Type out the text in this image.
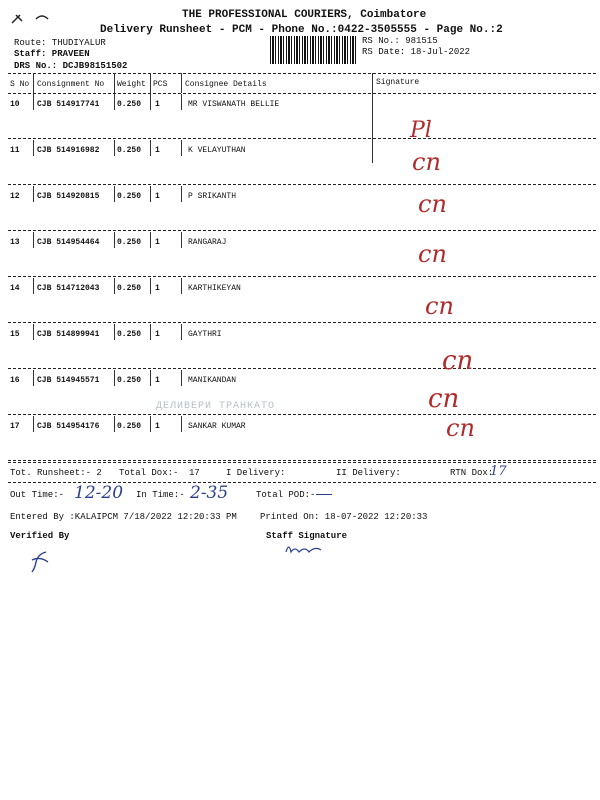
THE PROFESSIONAL COURIERS, Coimbatore
Delivery Runsheet - PCM - Phone No.:0422-3505555 - Page No.:2
Route: THUDIYALUR
Staff: PRAVEEN
DRS No.: DCJB98151502
RS No.: 981515
RS Date: 18-Jul-2022
S No Consignment No Weight PCS Consignee Details	Signature
10 CJB 514917741 0.250 1	MR VISWANATH BELLIE
11 CJB 514916982 0.250 1	K VELAYUTHAN
12 CJB 514920815 0.250 1	P SRIKANTH
13 CJB 514954464 0.250 1	RANGARAJ
14 CJB 514712043 0.250 1	KARTHIKEYAN
15 CJB 514899941 0.250 1	GAYTHRI
16 CJB 514945571 0.250 1	MANIKANDAN
17 CJB 514954176 0.250 1	SANKAR KUMAR
ДЕЛИВЕРИ ТРАНКАТО
Pl
cn
cn
cn
cn
cn
cn
cn
Tot. Runsheet:- 2 Total Dox:- 17	I Delivery:	II Delivery:	RTN Dox:
17
Out Time:- 12-20 In Time:- 2-35	Total POD:-
Entered By :KALAIPCM 7/18/2022 12:20:33 PM	Printed On: 18-07-2022 12:20:33
Verified By	Staff Signature
